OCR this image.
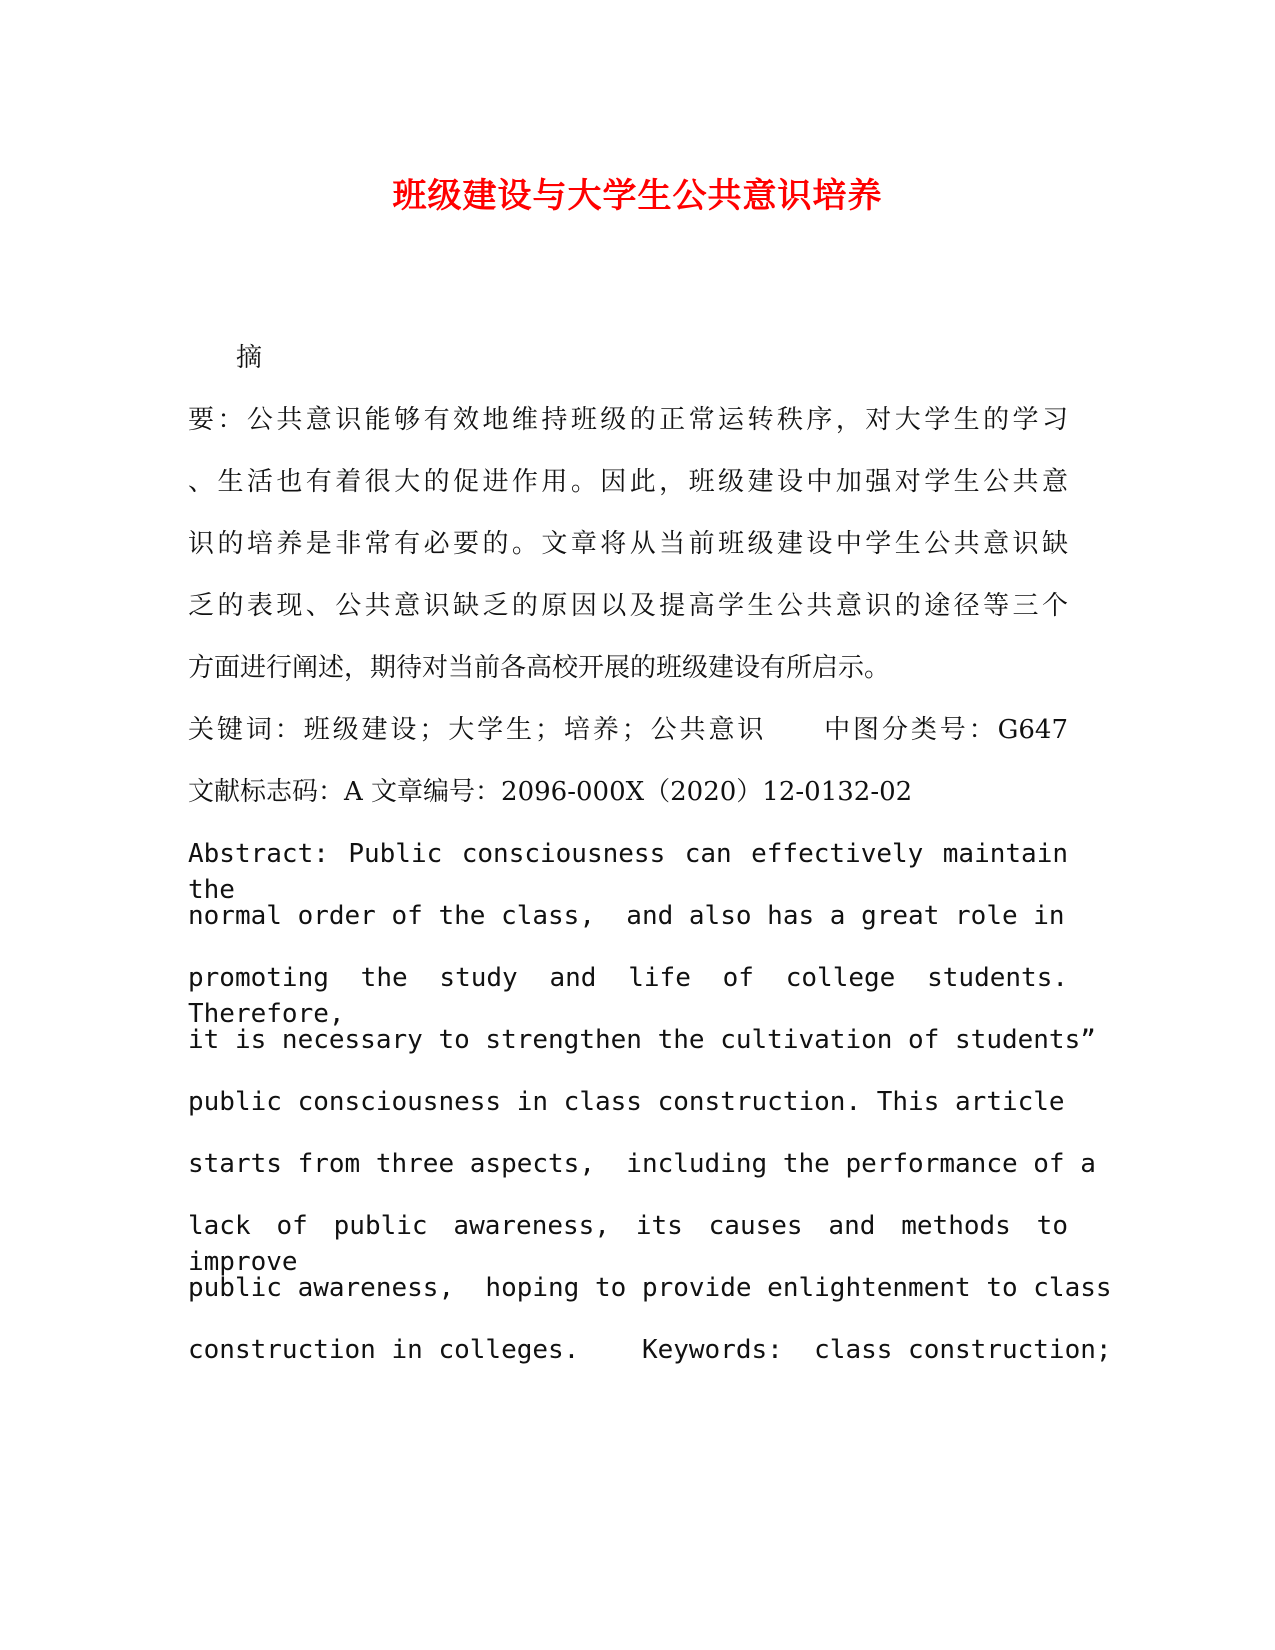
班级建设与大学生公共意识培养
摘
要：公共意识能够有效地维持班级的正常运转秩序，对大学生的学习
、生活也有着很大的促进作用。因此，班级建设中加强对学生公共意
识的培养是非常有必要的。文章将从当前班级建设中学生公共意识缺
乏的表现、公共意识缺乏的原因以及提高学生公共意识的途径等三个
方面进行阐述，期待对当前各高校开展的班级建设有所启示。
关键词：班级建设；大学生；培养；公共意识　　中图分类号：G647
文献标志码：A 文章编号：2096-000X（2020）12-0132-02
Abstract: Public consciousness can effectively maintain the
normal order of the class,  and also has a great role in
promoting the study and life of college students. Therefore,
it is necessary to strengthen the cultivation of students”
public consciousness in class construction. This article
starts from three aspects,  including the performance of a
lack of public awareness, its causes and methods to improve
public awareness,  hoping to provide enlightenment to class
construction in colleges.    Keywords:  class construction;
